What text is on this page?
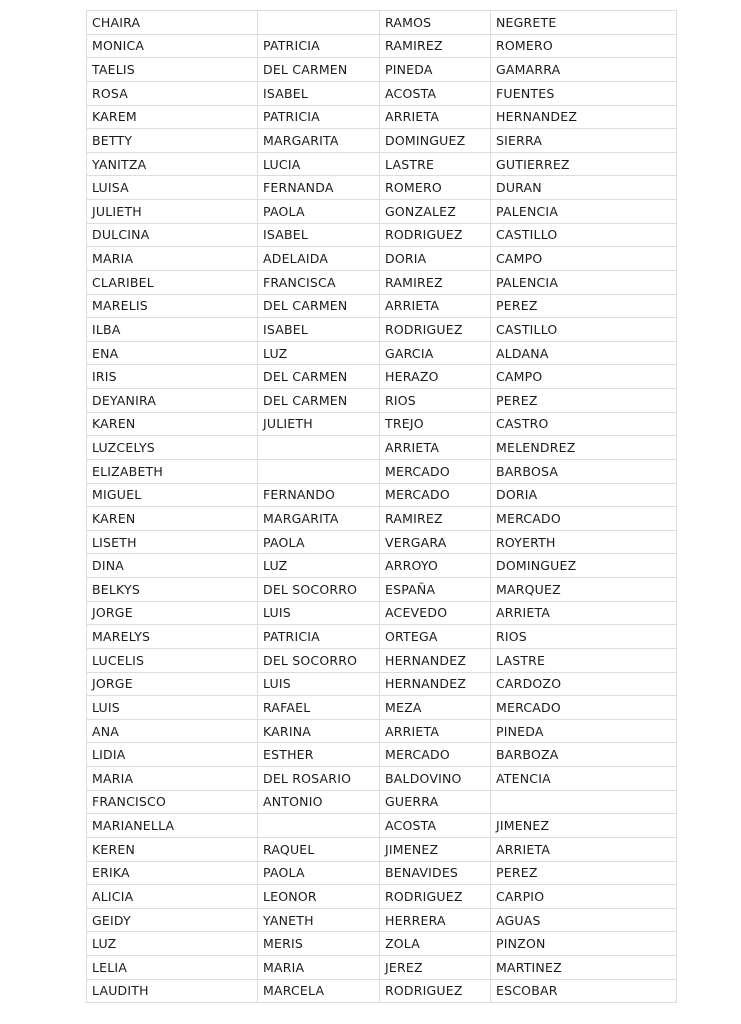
CHAIRA		RAMOS	NEGRETE
MONICA	PATRICIA	RAMIREZ	ROMERO
TAELIS	DEL CARMEN	PINEDA	GAMARRA
ROSA	ISABEL	ACOSTA	FUENTES
KAREM	PATRICIA	ARRIETA	HERNANDEZ
BETTY	MARGARITA	DOMINGUEZ	SIERRA
YANITZA	LUCIA	LASTRE	GUTIERREZ
LUISA	FERNANDA	ROMERO	DURAN
JULIETH	PAOLA	GONZALEZ	PALENCIA
DULCINA	ISABEL	RODRIGUEZ	CASTILLO
MARIA	ADELAIDA	DORIA	CAMPO
CLARIBEL	FRANCISCA	RAMIREZ	PALENCIA
MARELIS	DEL CARMEN	ARRIETA	PEREZ
ILBA	ISABEL	RODRIGUEZ	CASTILLO
ENA	LUZ	GARCIA	ALDANA
IRIS	DEL CARMEN	HERAZO	CAMPO
DEYANIRA	DEL CARMEN	RIOS	PEREZ
KAREN	JULIETH	TREJO	CASTRO
LUZCELYS		ARRIETA	MELENDREZ
ELIZABETH		MERCADO	BARBOSA
MIGUEL	FERNANDO	MERCADO	DORIA
KAREN	MARGARITA	RAMIREZ	MERCADO
LISETH	PAOLA	VERGARA	ROYERTH
DINA	LUZ	ARROYO	DOMINGUEZ
BELKYS	DEL SOCORRO	ESPAÑA	MARQUEZ
JORGE	LUIS	ACEVEDO	ARRIETA
MARELYS	PATRICIA	ORTEGA	RIOS
LUCELIS	DEL SOCORRO	HERNANDEZ	LASTRE
JORGE	LUIS	HERNANDEZ	CARDOZO
LUIS	RAFAEL	MEZA	MERCADO
ANA	KARINA	ARRIETA	PINEDA
LIDIA	ESTHER	MERCADO	BARBOZA
MARIA	DEL ROSARIO	BALDOVINO	ATENCIA
FRANCISCO	ANTONIO	GUERRA	
MARIANELLA		ACOSTA	JIMENEZ
KEREN	RAQUEL	JIMENEZ	ARRIETA
ERIKA	PAOLA	BENAVIDES	PEREZ
ALICIA	LEONOR	RODRIGUEZ	CARPIO
GEIDY	YANETH	HERRERA	AGUAS
LUZ	MERIS	ZOLA	PINZON
LELIA	MARIA	JEREZ	MARTINEZ
LAUDITH	MARCELA	RODRIGUEZ	ESCOBAR
